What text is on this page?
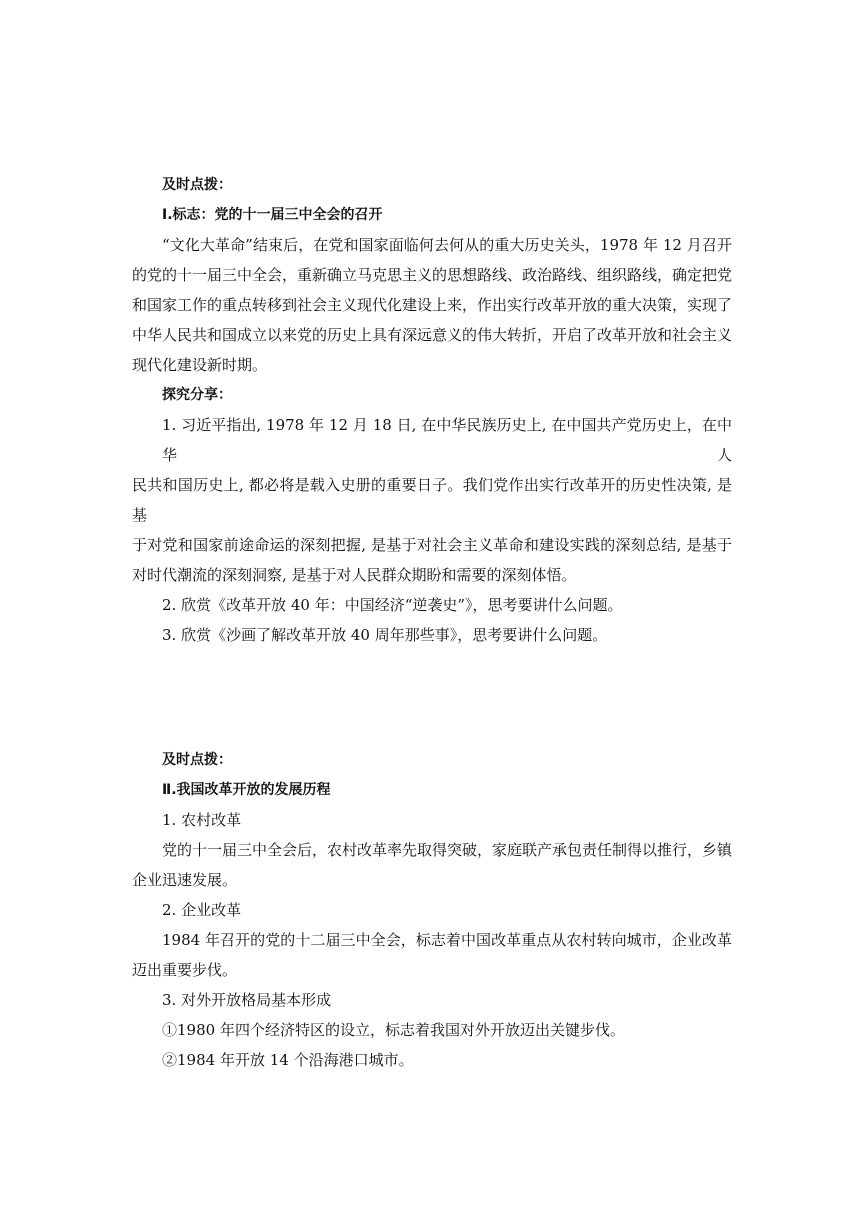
及时点拨：

Ⅰ.标志：党的十一届三中全会的召开

“文化大革命”结束后，在党和国家面临何去何从的重大历史关头，1978 年 12 月召开

的党的十一届三中全会，重新确立马克思主义的思想路线、政治路线、组织路线，确定把党

和国家工作的重点转移到社会主义现代化建设上来，作出实行改革开放的重大决策，实现了

中华人民共和国成立以来党的历史上具有深远意义的伟大转折，开启了改革开放和社会主义

现代化建设新时期。

探究分享：

1. 习近平指出, 1978 年 12 月 18 日, 在中华民族历史上, 在中国共产党历史上，在中华人

民共和国历史上, 都必将是载入史册的重要日子。我们党作出实行改革开的历史性决策, 是基

于对党和国家前途命运的深刻把握, 是基于对社会主义革命和建设实践的深刻总结, 是基于

对时代潮流的深刻洞察, 是基于对人民群众期盼和需要的深刻体悟。

2. 欣赏《改革开放 40 年：中国经济“逆袭史”》，思考要讲什么问题。

3. 欣赏《沙画了解改革开放 40 周年那些事》，思考要讲什么问题。

及时点拨：

Ⅱ.我国改革开放的发展历程

1. 农村改革

党的十一届三中全会后，农村改革率先取得突破，家庭联产承包责任制得以推行，乡镇

企业迅速发展。

2. 企业改革

1984 年召开的党的十二届三中全会，标志着中国改革重点从农村转向城市，企业改革

迈出重要步伐。

3. 对外开放格局基本形成

①1980 年四个经济特区的设立，标志着我国对外开放迈出关键步伐。

②1984 年开放 14 个沿海港口城市。
